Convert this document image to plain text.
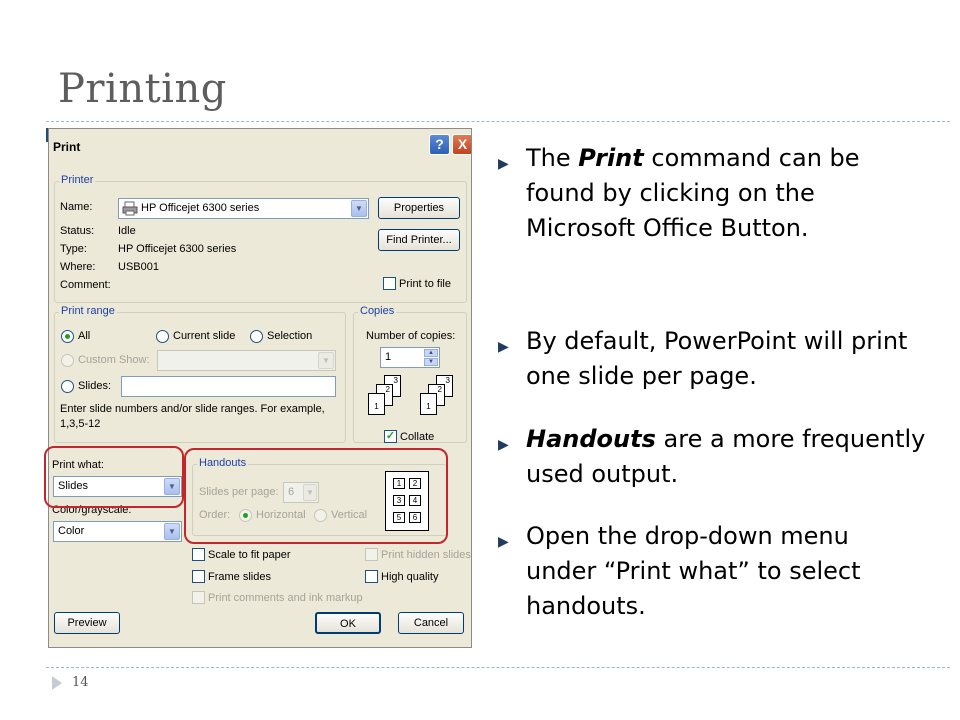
Printing
Print	?	X
Printer
Name:	HP Officejet 6300 series	▼	Properties
Status: Idle
Type:	HP Officejet 6300 series
Where: USB001
Comment:
Find Printer...
Print to file
Print range
All	Current slide	Selection
Custom Show:	▼
Slides:
Enter slide numbers and/or slide ranges. For example,
1,3,5-12
Copies
Number of copies:
1	▲
▼
3
2
1
3
2
1
✓ Collate
Print what:
Slides	▼
Color/grayscale:
Color	▼
Handouts
Slides per page: 6	▼
Order: Horizontal Vertical
1	2
3	4
5	6
Scale to fit paper
Frame slides
Print comments and ink markup
Print hidden slides
High quality
Preview	OK	Cancel
▶ The Print command can be found by clicking on the Microsoft Office Button.
▶ By default, PowerPoint will print one slide per page.
▶ Handouts are a more frequently used output.
▶ Open the drop-down menu under “Print what” to select handouts.
14
